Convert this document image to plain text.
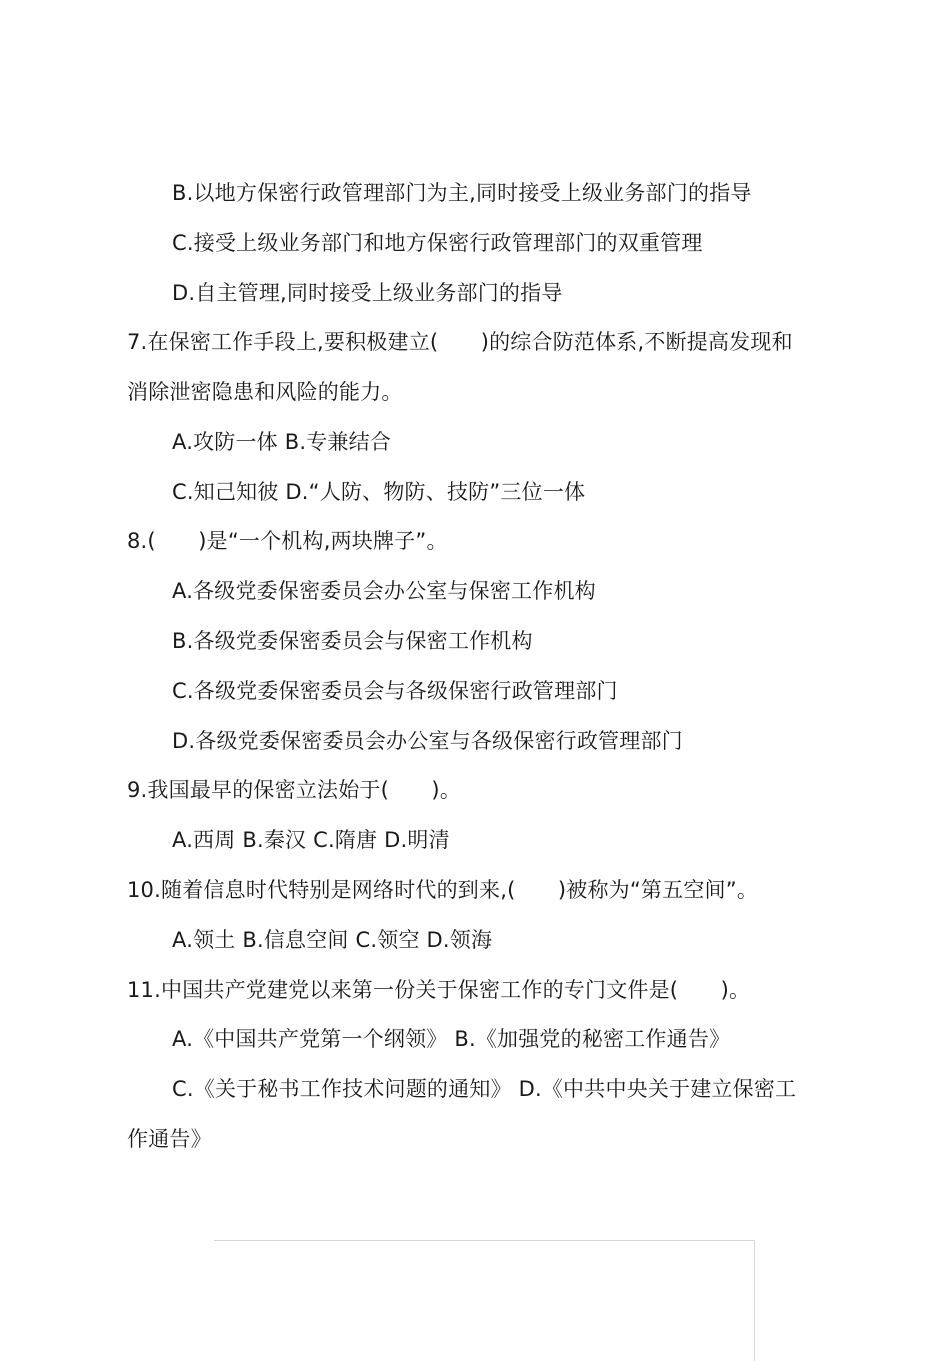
B.以地方保密行政管理部门为主,同时接受上级业务部门的指导
C.接受上级业务部门和地方保密行政管理部门的双重管理
D.自主管理,同时接受上级业务部门的指导
7.在保密工作手段上,要积极建立(　　)的综合防范体系,不断提高发现和
消除泄密隐患和风险的能力。
A.攻防一体 B.专兼结合
C.知己知彼 D.“人防、物防、技防”三位一体
8.(　　)是“一个机构,两块牌子”。
A.各级党委保密委员会办公室与保密工作机构
B.各级党委保密委员会与保密工作机构
C.各级党委保密委员会与各级保密行政管理部门
D.各级党委保密委员会办公室与各级保密行政管理部门
9.我国最早的保密立法始于(　　)。
A.西周 B.秦汉 C.隋唐 D.明清
10.随着信息时代特别是网络时代的到来,(　　)被称为“第五空间”。
A.领土 B.信息空间 C.领空 D.领海
11.中国共产党建党以来第一份关于保密工作的专门文件是(　　)。
A.《中国共产党第一个纲领》 B.《加强党的秘密工作通告》
C.《关于秘书工作技术问题的通知》 D.《中共中央关于建立保密工
作通告》
